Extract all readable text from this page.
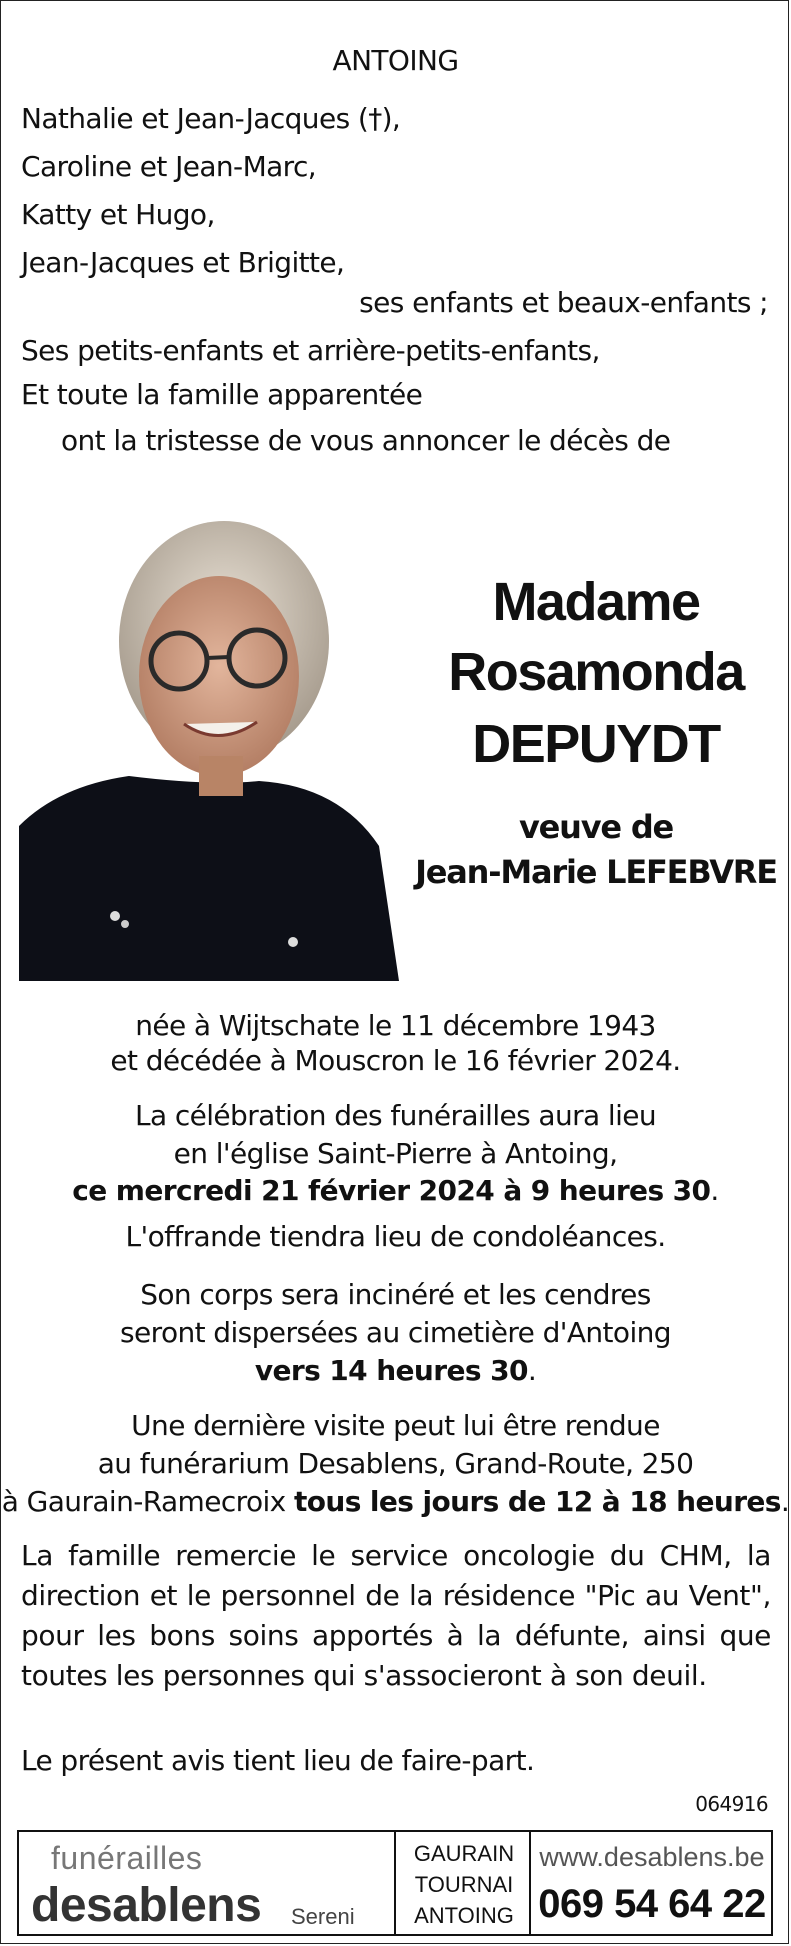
ANTOING
Nathalie et Jean-Jacques (†),
Caroline et Jean-Marc,
Katty et Hugo,
Jean-Jacques et Brigitte,
ses enfants et beaux-enfants ;
Ses petits-enfants et arrière-petits-enfants,
Et toute la famille apparentée
ont la tristesse de vous annoncer le décès de
Madame
Rosamonda
DEPUYDT
veuve de
Jean-Marie LEFEBVRE
née à Wijtschate le 11 décembre 1943
et décédée à Mouscron le 16 février 2024.
La célébration des funérailles aura lieu
en l'église Saint-Pierre à Antoing,
ce mercredi 21 février 2024 à 9 heures 30.
L'offrande tiendra lieu de condoléances.
Son corps sera incinéré et les cendres
seront dispersées au cimetière d'Antoing
vers 14 heures 30.
Une dernière visite peut lui être rendue
au funérarium Desablens, Grand-Route, 250
à Gaurain-Ramecroix tous les jours de 12 à 18 heures.
La famille remercie le service oncologie du CHM, la direction et le personnel de la résidence "Pic au Vent", pour les bons soins apportés à la défunte, ainsi que toutes les personnes qui s'associeront à son deuil.
Le présent avis tient lieu de faire-part.
064916
funérailles
desablens Sereni
GAURAIN
TOURNAI
ANTOING
www.desablens.be
069 54 64 22
